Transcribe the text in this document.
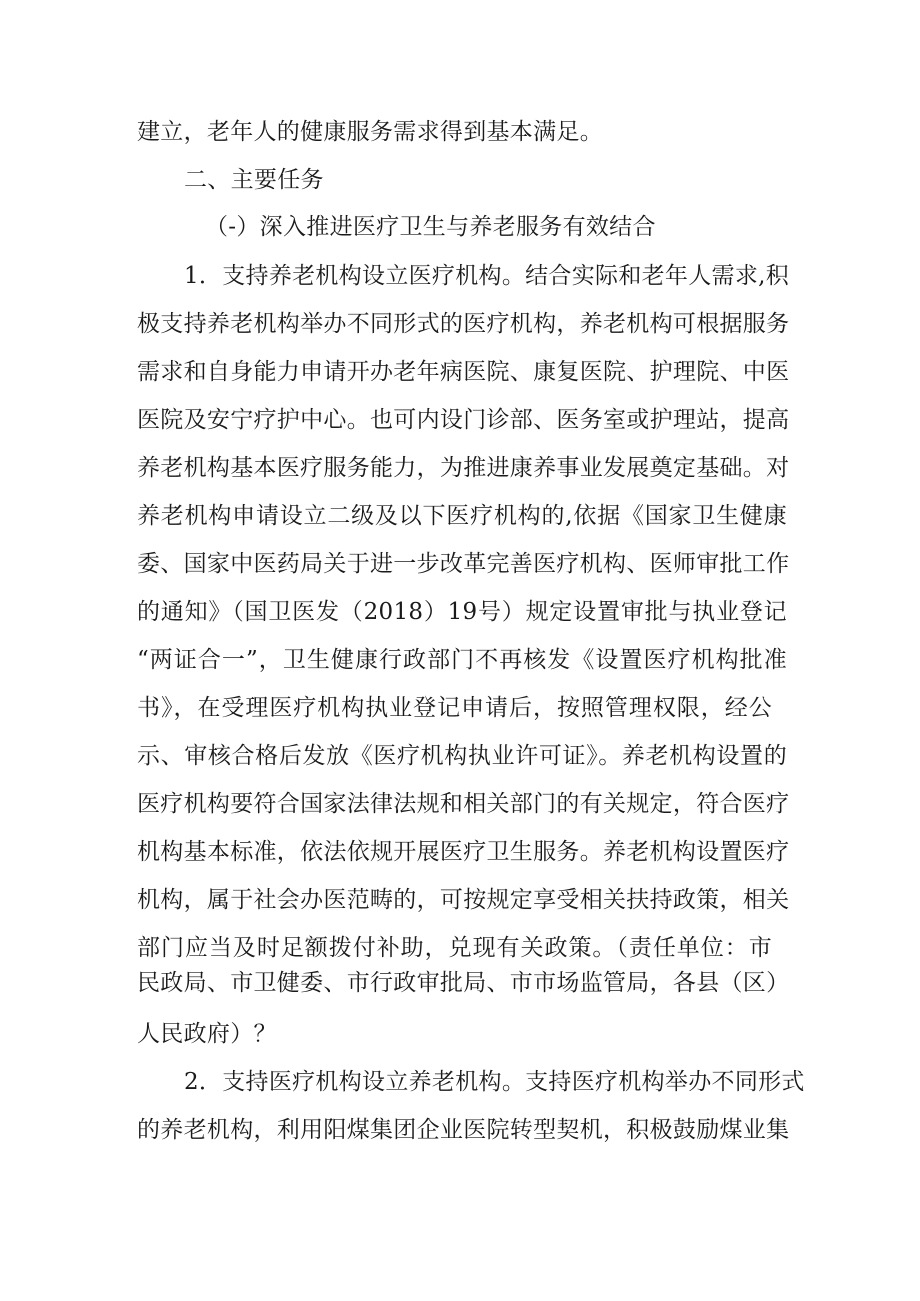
建立，老年人的健康服务需求得到基本满足。
二、主要任务
（-）深入推进医疗卫生与养老服务有效结合
1．支持养老机构设立医疗机构。结合实际和老年人需求,积
极支持养老机构举办不同形式的医疗机构，养老机构可根据服务
需求和自身能力申请开办老年病医院、康复医院、护理院、中医
医院及安宁疗护中心。也可内设门诊部、医务室或护理站，提高
养老机构基本医疗服务能力，为推进康养事业发展奠定基础。对
养老机构申请设立二级及以下医疗机构的,依据《国家卫生健康
委、国家中医药局关于进一步改革完善医疗机构、医师审批工作
的通知》（国卫医发（2018）19号）规定设置审批与执业登记
“两证合一”，卫生健康行政部门不再核发《设置医疗机构批准
书》，在受理医疗机构执业登记申请后，按照管理权限，经公
示、审核合格后发放《医疗机构执业许可证》。养老机构设置的
医疗机构要符合国家法律法规和相关部门的有关规定，符合医疗
机构基本标准，依法依规开展医疗卫生服务。养老机构设置医疗
机构，属于社会办医范畴的，可按规定享受相关扶持政策，相关
部门应当及时足额拨付补助，兑现有关政策。（责任单位：市
民政局、市卫健委、市行政审批局、市市场监管局，各县（区）
人民政府）？
2．支持医疗机构设立养老机构。支持医疗机构举办不同形式
的养老机构，利用阳煤集团企业医院转型契机，积极鼓励煤业集
